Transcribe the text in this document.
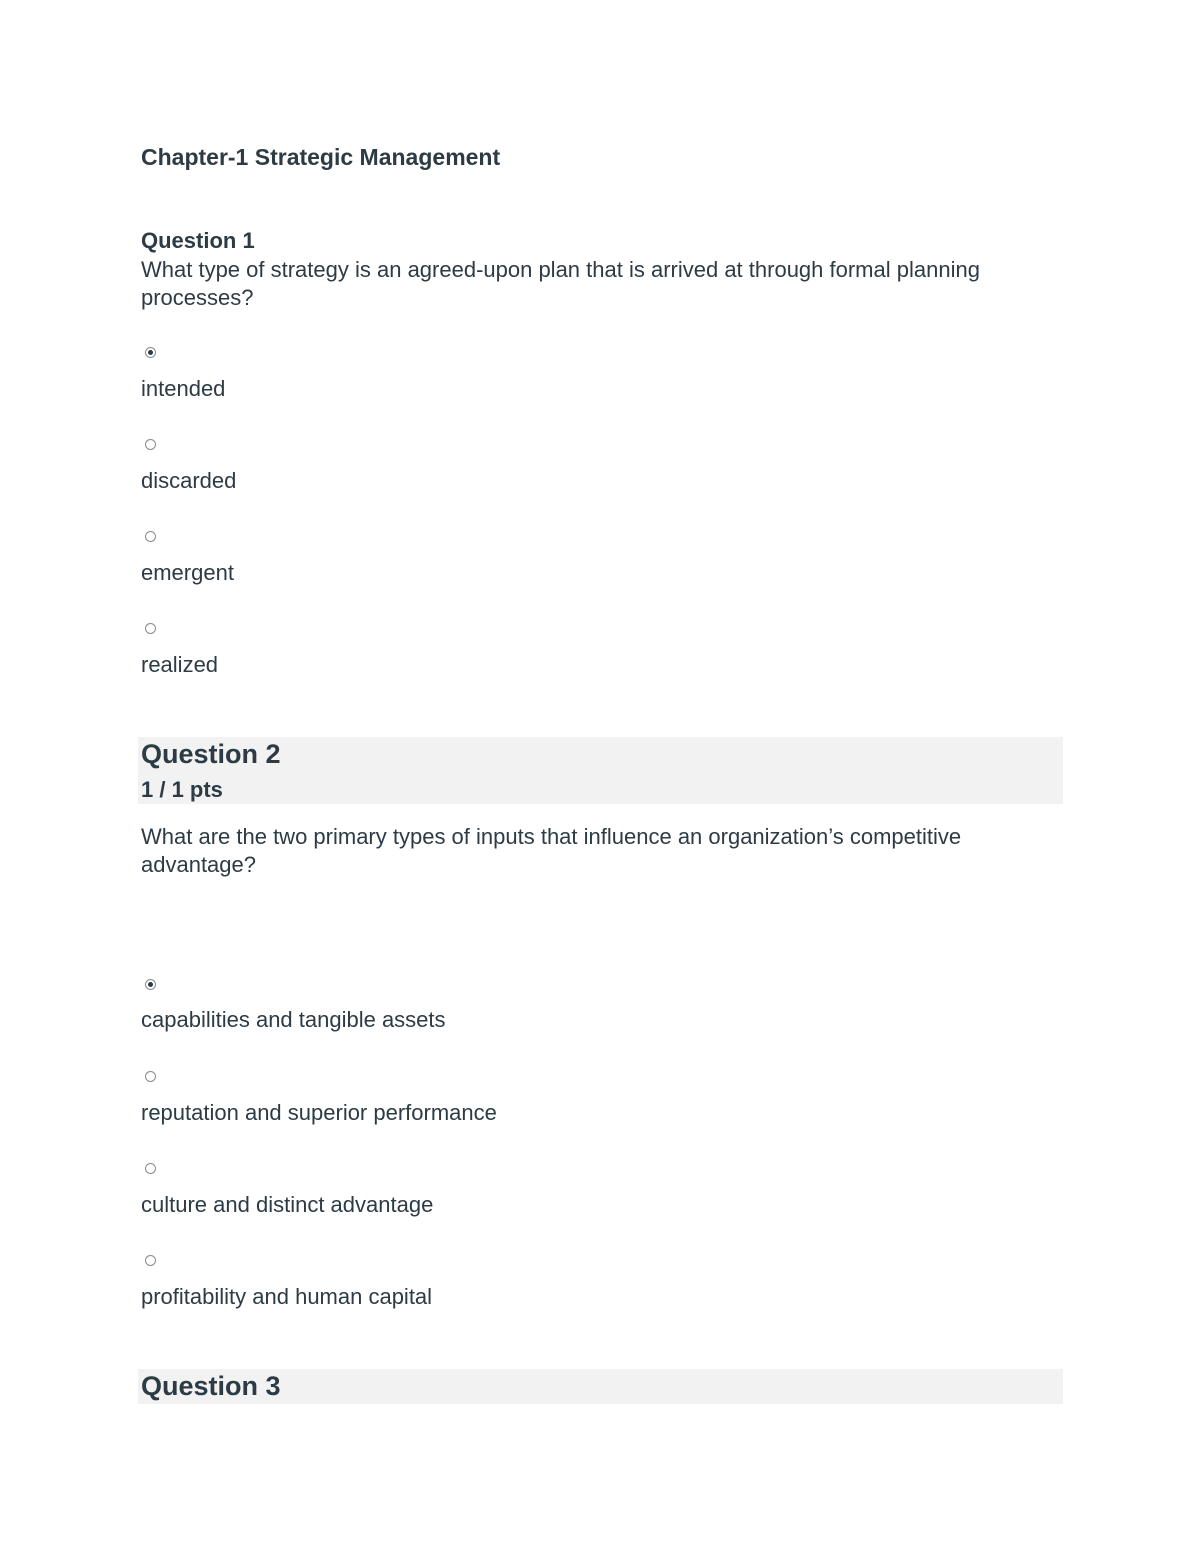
Chapter-1 Strategic Management
Question 1
What type of strategy is an agreed-upon plan that is arrived at through formal planning processes?
intended
discarded
emergent
realized
Question 2
1 / 1 pts
What are the two primary types of inputs that influence an organization’s competitive advantage?
capabilities and tangible assets
reputation and superior performance
culture and distinct advantage
profitability and human capital
Question 3
